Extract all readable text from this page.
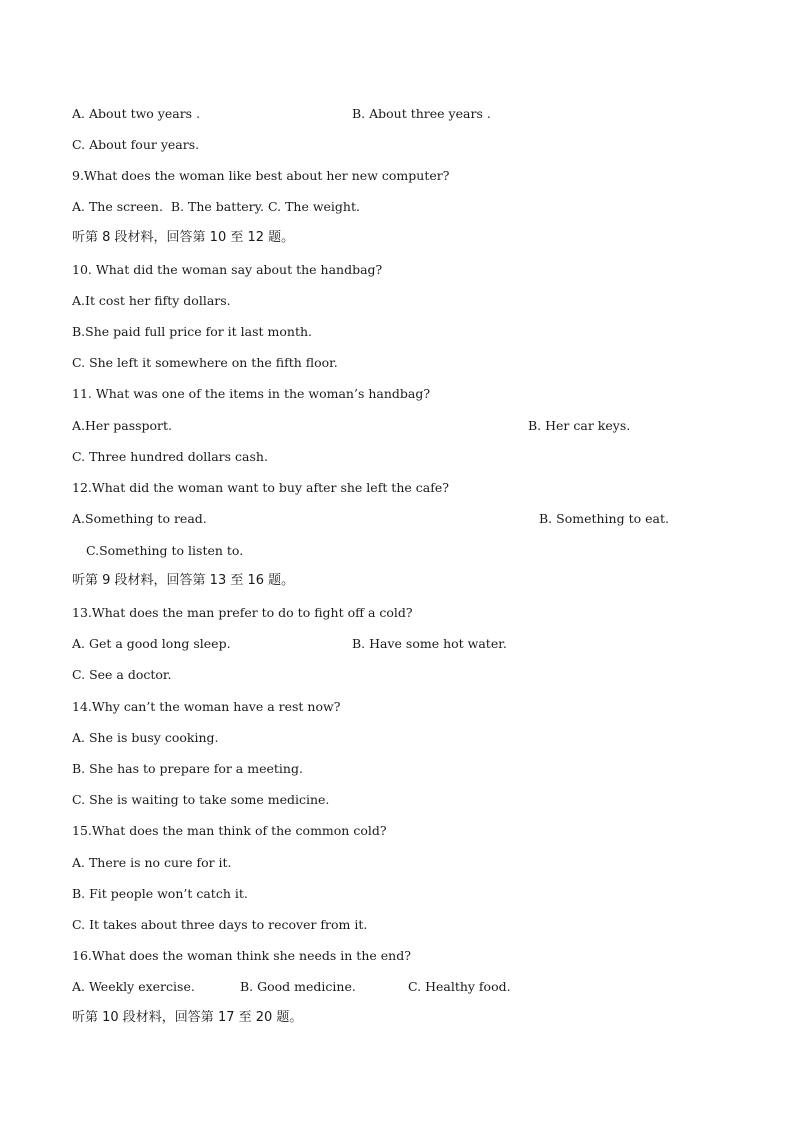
A. About two years .	B. About three years .
C. About four years.
9.What does the woman like best about her new computer?
A. The screen.  B. The battery. C. The weight.
听第 8 段材料，回答第 10 至 12 题。
10. What did the woman say about the handbag?
A.It cost her fifty dollars.
B.She paid full price for it last month.
C. She left it somewhere on the fifth floor.
11. What was one of the items in the woman’s handbag?
A.Her passport.	B. Her car keys.
C. Three hundred dollars cash.
12.What did the woman want to buy after she left the cafe?
A.Something to read.	B. Something to eat.
C.Something to listen to.
听第 9 段材料，回答第 13 至 16 题。
13.What does the man prefer to do to fight off a cold?
A. Get a good long sleep.	B. Have some hot water.
C. See a doctor.
14.Why can’t the woman have a rest now?
A. She is busy cooking.
B. She has to prepare for a meeting.
C. She is waiting to take some medicine.
15.What does the man think of the common cold?
A. There is no cure for it.
B. Fit people won’t catch it.
C. It takes about three days to recover from it.
16.What does the woman think she needs in the end?
A. Weekly exercise.	B. Good medicine.	C. Healthy food.
听第 10 段材料，回答第 17 至 20 题。
